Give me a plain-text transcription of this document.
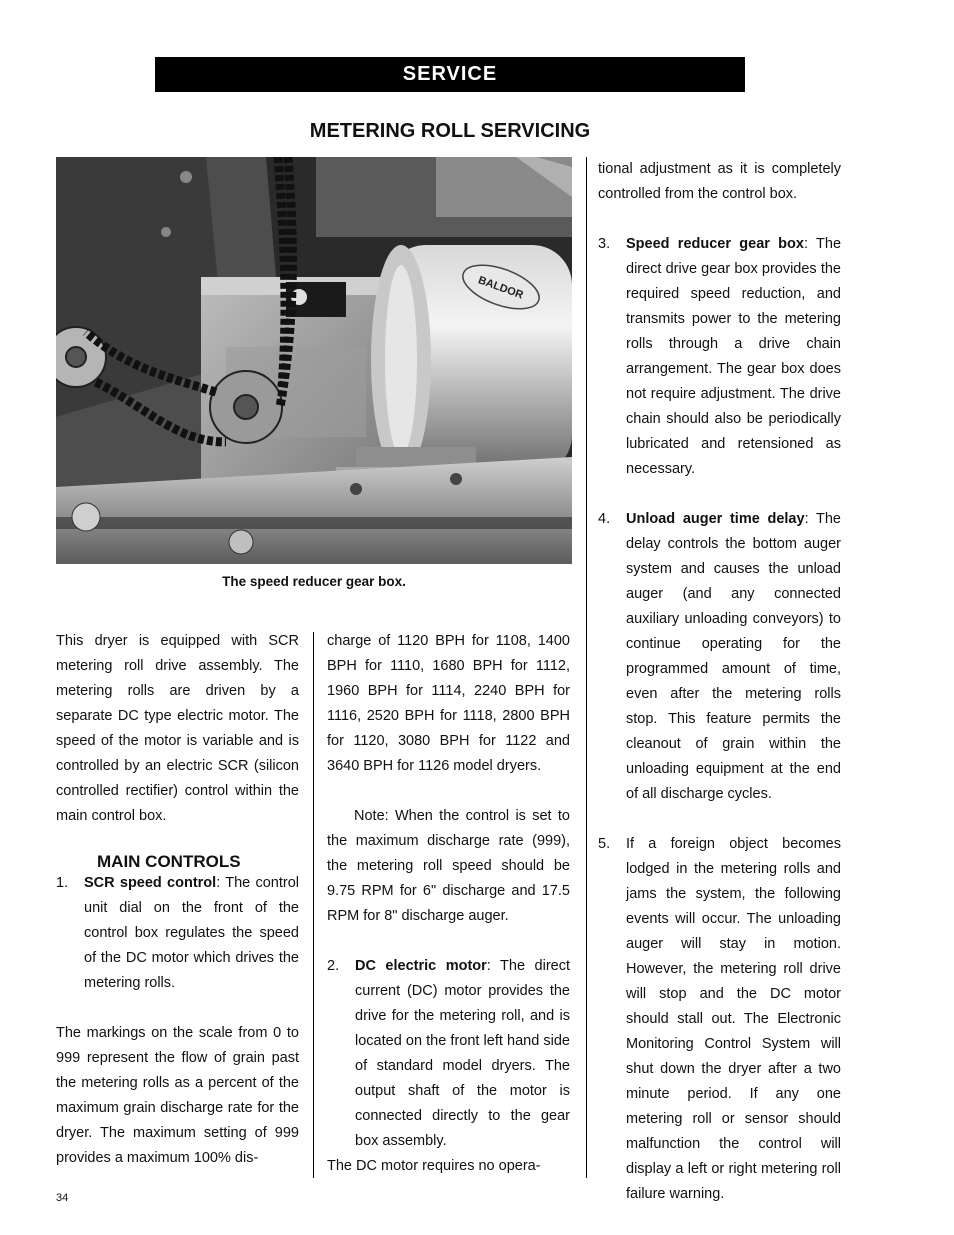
SERVICE
METERING ROLL SERVICING
BALDOR
The speed reducer gear box.

This dryer is equipped with SCR metering roll drive assembly. The metering rolls are driven by a separate DC type electric motor. The speed of the motor is variable and is controlled by an electric SCR (silicon controlled rectifier) control within the main control box.

MAIN CONTROLS
1. SCR speed control: The control unit dial on the front of the control box regulates the speed of the DC motor which drives the metering rolls.

The markings on the scale from 0 to 999 represent the flow of grain past the metering rolls as a percent of the maximum grain discharge rate for the dryer. The maximum setting of 999 provides a maximum 100% dis-

charge of 1120 BPH for 1108, 1400 BPH for 1110, 1680 BPH for 1112, 1960 BPH for 1114, 2240 BPH for 1116, 2520 BPH for 1118, 2800 BPH for 1120, 3080 BPH for 1122 and 3640 BPH for 1126 model dryers.

Note: When the control is set to the maximum discharge rate (999), the metering roll speed should be 9.75 RPM for 6" discharge and 17.5 RPM for 8" discharge auger.

2. DC electric motor: The direct current (DC) motor provides the drive for the metering roll, and is located on the front left hand side of standard model dryers. The output shaft of the motor is connected directly to the gear box assembly.

The DC motor requires no opera-

tional adjustment as it is completely controlled from the control box.

3. Speed reducer gear box: The direct drive gear box provides the required speed reduction, and transmits power to the metering rolls through a drive chain arrangement. The gear box does not require adjustment. The drive chain should also be periodically lubricated and retensioned as necessary.
4. Unload auger time delay: The delay controls the bottom auger system and causes the unload auger (and any connected auxiliary unloading conveyors) to continue operating for the programmed amount of time, even after the metering rolls stop. This feature permits the cleanout of grain within the unloading equipment at the end of all discharge cycles.
5. If a foreign object becomes lodged in the metering rolls and jams the system, the following events will occur. The unloading auger will stay in motion. However, the metering roll drive will stop and the DC motor should stall out. The Electronic Monitoring Control System will shut down the dryer after a two minute period. If any one metering roll or sensor should malfunction the control will display a left or right metering roll failure warning.
34
